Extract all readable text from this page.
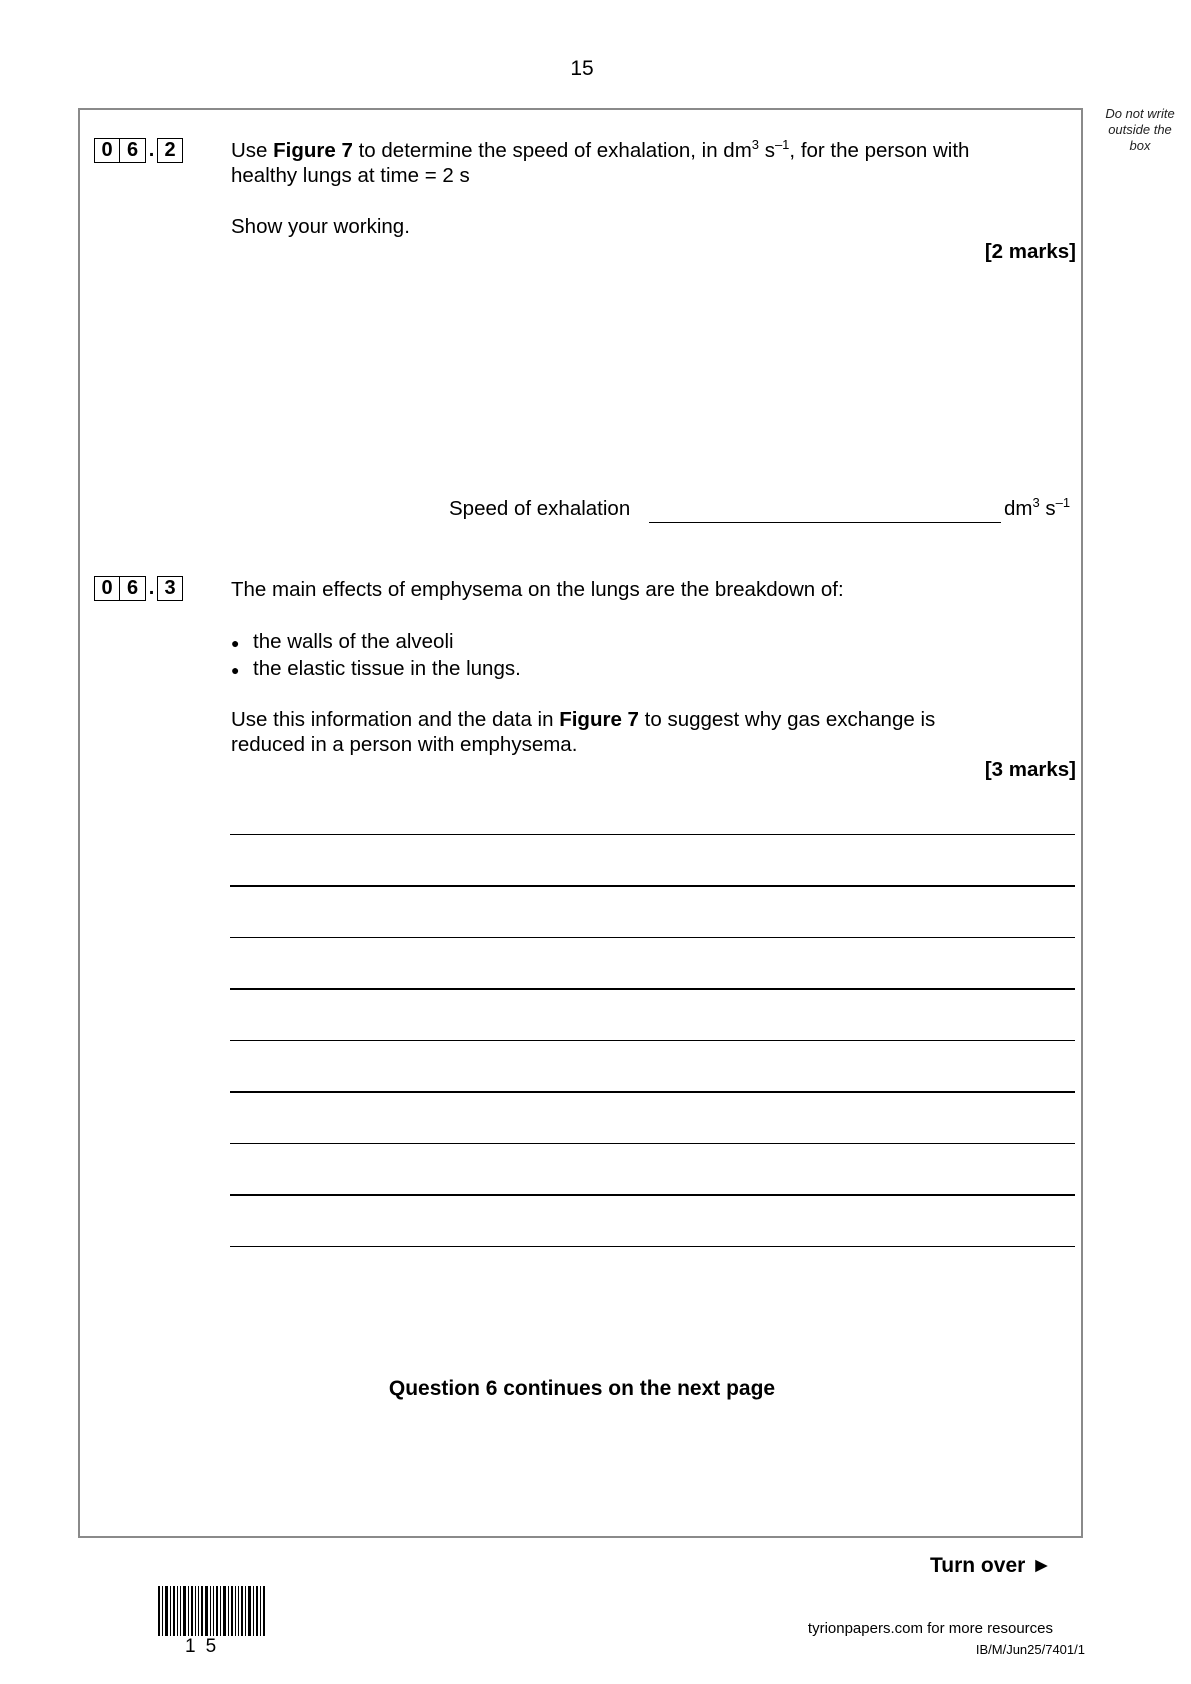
15
Do not write outside the box
0 6 . 2	Use Figure 7 to determine the speed of exhalation, in $dm^3$ $s^{-1}$, for the person with
healthy lungs at time = 2 s
Show your working.
[2 marks]
Speed of exhalation	$dm^3$ $s^{-1}$
0 6 . 3	The main effects of emphysema on the lungs are the breakdown of:
● the walls of the alveoli
● the elastic tissue in the lungs.
Use this information and the data in Figure 7 to suggest why gas exchange is
reduced in a person with emphysema.
[3 marks]
Question 6 continues on the next page
Turn over ►
15
tyrionpapers.com for more resources
IB/M/Jun25/7401/1
